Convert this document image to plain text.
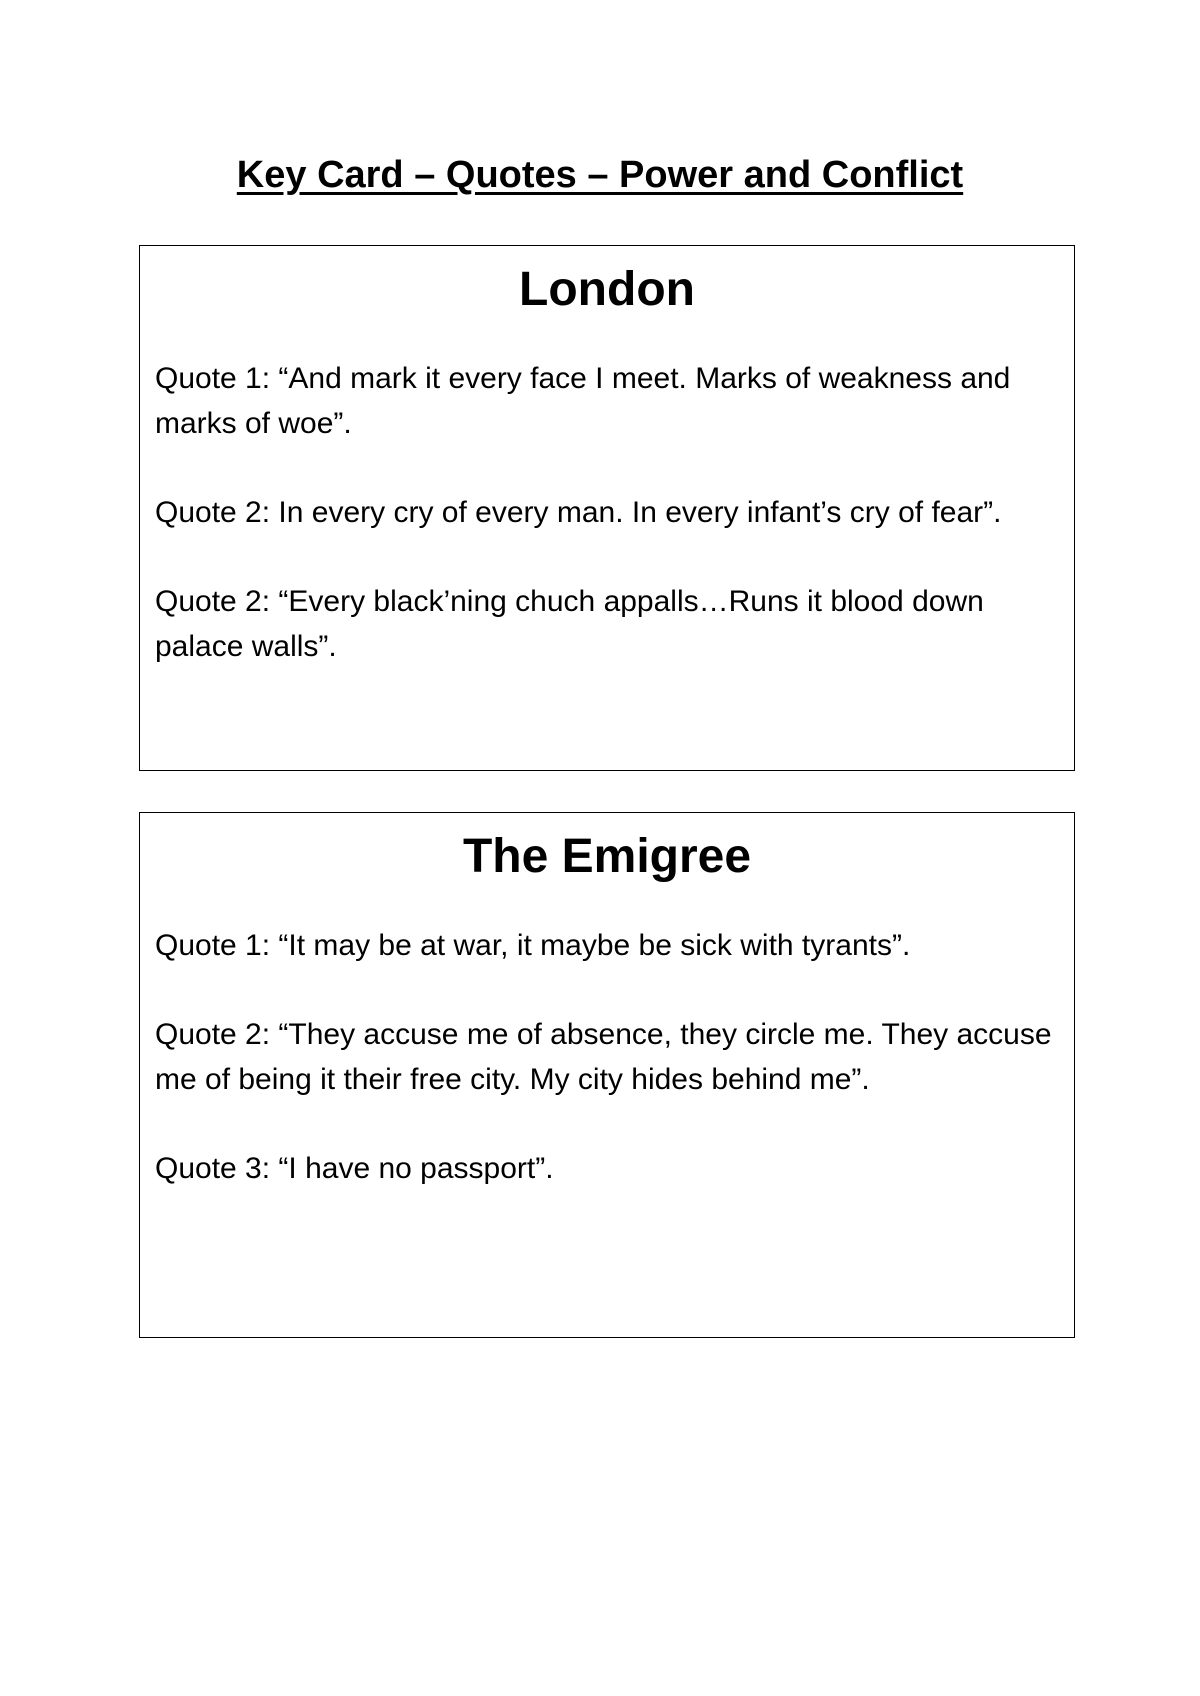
Key Card – Quotes – Power and Conflict
London

Quote 1: “And mark it every face I meet. Marks of weakness and marks of woe”.

Quote 2: In every cry of every man. In every infant’s cry of fear”.

Quote 2: “Every black’ning chuch appalls…Runs it blood down palace walls”.

The Emigree

Quote 1: “It may be at war, it maybe be sick with tyrants”.

Quote 2: “They accuse me of absence, they circle me. They accuse me of being it their free city. My city hides behind me”.

Quote 3: “I have no passport”.
